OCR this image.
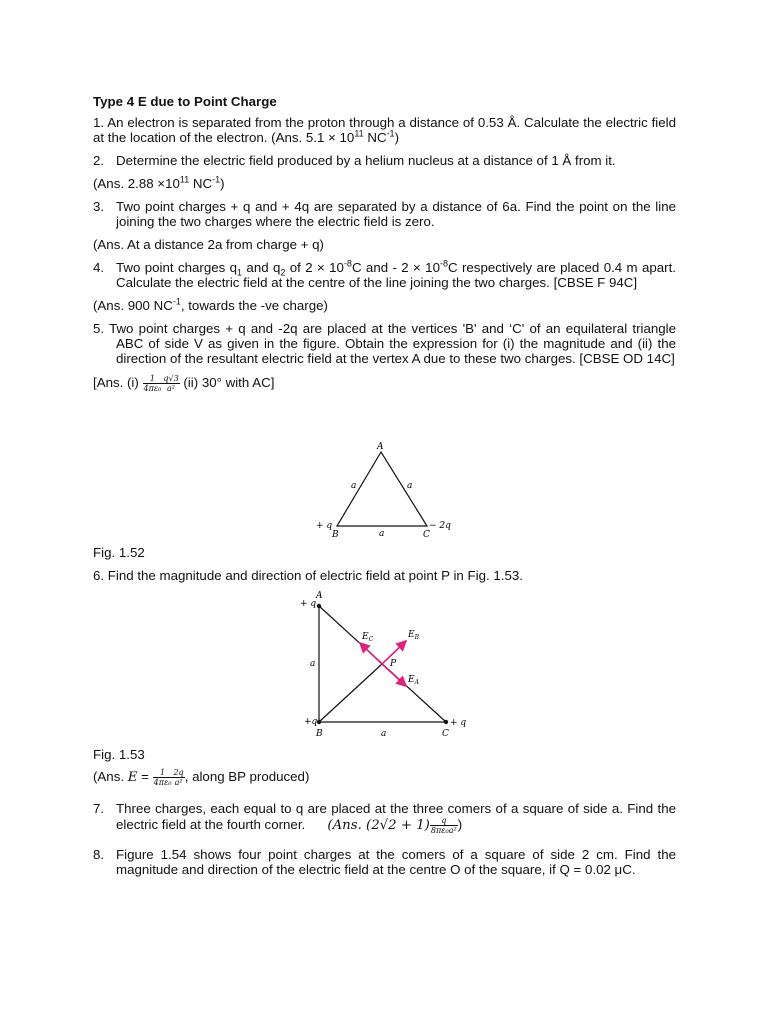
Type 4 E due to Point Charge
1. An electron is separated from the proton through a distance of 0.53 Å. Calculate the electric field at the location of the electron. (Ans. $5.1 \times 10^{11}$ $NC^{-1}$)
2. Determine the electric field produced by a helium nucleus at a distance of 1 Å from it.
(Ans. $2.88 \times 10^{11}$ $NC^{-1}$)
3. Two point charges + q and + 4q are separated by a distance of 6a. Find the point on the line joining the two charges where the electric field is zero.
(Ans. At a distance 2a from charge + q)
4. Two point charges $q_1$ and $q_2$ of $2 \times 10^{-8}C$ and - $2 \times 10^{-8}C$ respectively are placed 0.4 m apart. Calculate the electric field at the centre of the line joining the two charges. [CBSE F 94C]
(Ans. 900 $NC^{-1}$, towards the -ve charge)
5. Two point charges + q and -2q are placed at the vertices 'B' and ‘C' of an equilateral triangle ABC of side V as given in the figure. Obtain the expression for (i) the magnitude and (ii) the direction of the resultant electric field at the vertex A due to these two charges. [CBSE OD 14C]
[Ans. $(i) \frac{1}{\text{4πε₀}} \frac{q√3}{\text{a²}} (ii)$ 30° with AC]
A
a	a
B	a	C
+ q	− 2q
Fig. 1.52
6. Find the magnitude and direction of electric field at point P in Fig. 1.53.
A
+ q
a
+q
B	a	C
+ q
P
$E_C$	$E_B$
$E_A$
Fig. 1.53
(Ans. $E = \frac{1}{\text{4πε₀}} \frac{2q}{\text{a²}}$ , along BP produced)
7. Three charges, each equal to q are placed at the three comers of a square of side a. Find the electric field at the fourth corner. (Ans. $(2√2 + 1) \frac{q}{\text{8πε₀a²}}$ )
8. Figure 1.54 shows four point charges at the comers of a square of side 2 cm. Find the magnitude and direction of the electric field at the centre O of the square, if Q = 0.02 μC.
